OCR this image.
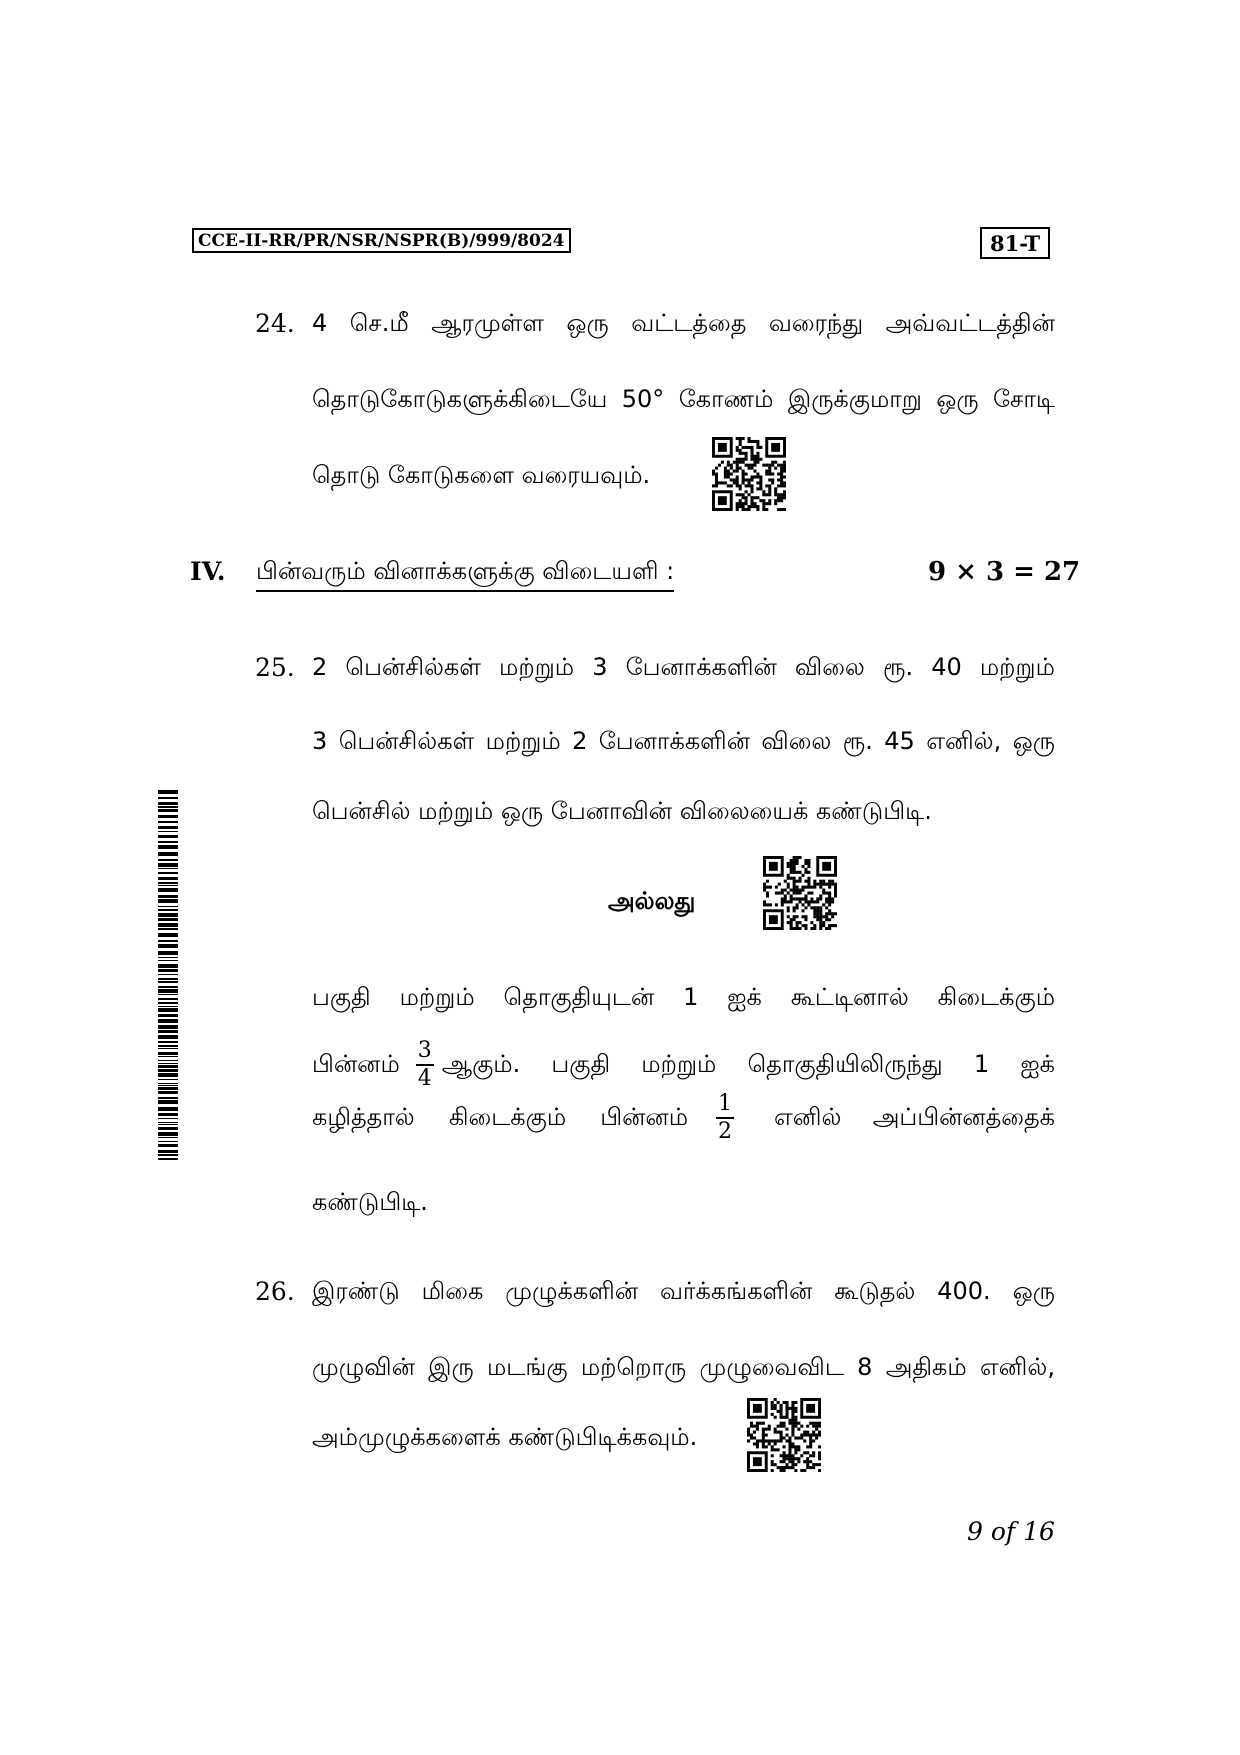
CCE-II-RR/PR/NSR/NSPR(B)/999/8024	81-T
24. 4 செ.மீ ஆரமுள்ள ஒரு வட்டத்தை வரைந்து அவ்வட்டத்தின்
தொடுகோடுகளுக்கிடையே 50° கோணம் இருக்குமாறு ஒரு சோடி
தொடு கோடுகளை வரையவும்.
IV. பின்வரும் வினாக்களுக்கு விடையளி :	9 × 3 = 27
25. 2 பென்சில்கள் மற்றும் 3 பேனாக்களின் விலை ரூ. 40 மற்றும்
3 பென்சில்கள் மற்றும் 2 பேனாக்களின் விலை ரூ. 45 எனில், ஒரு
பென்சில் மற்றும் ஒரு பேனாவின் விலையைக் கண்டுபிடி.
அல்லது
பகுதி மற்றும் தொகுதியுடன் 1 ஐக் கூட்டினால் கிடைக்கும்
பின்னம் $\frac{3}{4}$ ஆகும். பகுதி மற்றும் தொகுதியிலிருந்து 1 ஐக்
கழித்தால் கிடைக்கும் பின்னம் $\frac{1}{2}$ எனில் அப்பின்னத்தைக்
கண்டுபிடி.
26. இரண்டு மிகை முழுக்களின் வர்க்கங்களின் கூடுதல் 400. ஒரு
முழுவின் இரு மடங்கு மற்றொரு முழுவைவிட 8 அதிகம் எனில்,
அம்முழுக்களைக் கண்டுபிடிக்கவும்.
9 of 16
